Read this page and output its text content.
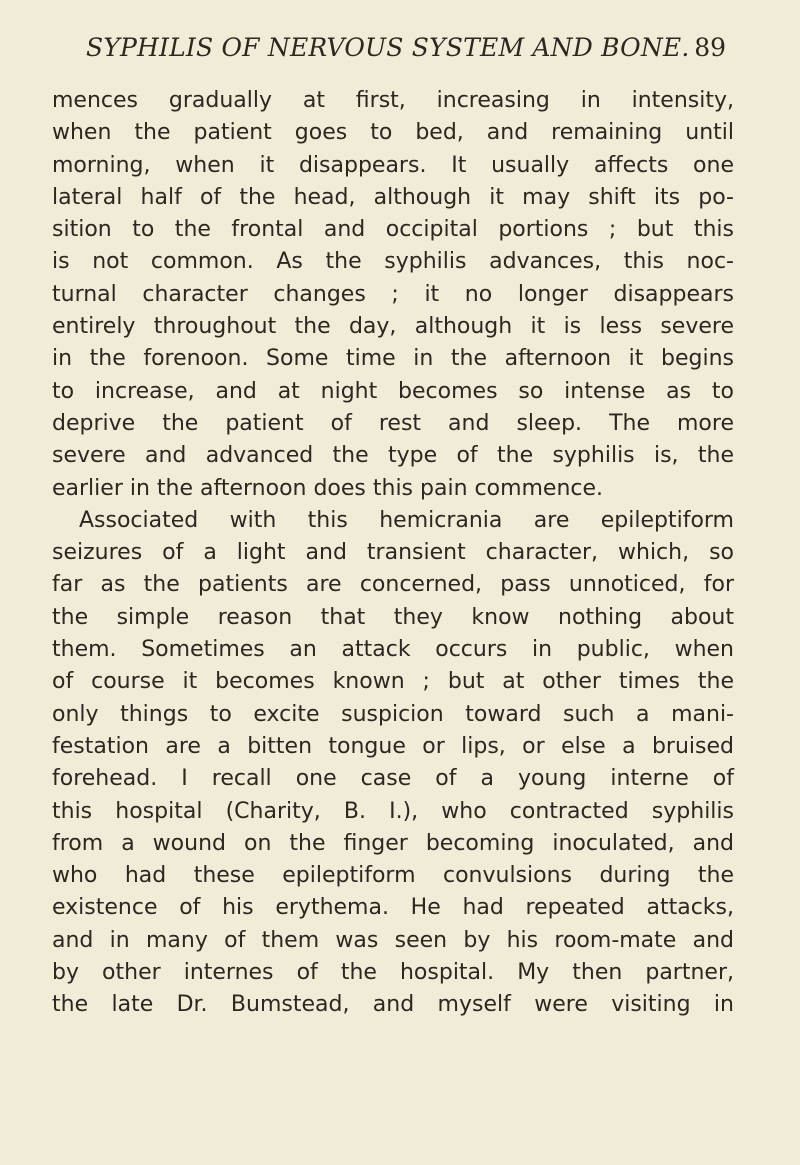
SYPHILIS OF NERVOUS SYSTEM AND BONE. 89
mences gradually at first, increasing in intensity,
when the patient goes to bed, and remaining until
morning, when it disappears. It usually affects one
lateral half of the head, although it may shift its po-
sition to the frontal and occipital portions ; but this
is not common. As the syphilis advances, this noc-
turnal character changes ; it no longer disappears
entirely throughout the day, although it is less severe
in the forenoon. Some time in the afternoon it begins
to increase, and at night becomes so intense as to
deprive the patient of rest and sleep. The more
severe and advanced the type of the syphilis is, the
earlier in the afternoon does this pain commence.
Associated with this hemicrania are epileptiform
seizures of a light and transient character, which, so
far as the patients are concerned, pass unnoticed, for
the simple reason that they know nothing about
them. Sometimes an attack occurs in public, when
of course it becomes known ; but at other times the
only things to excite suspicion toward such a mani-
festation are a bitten tongue or lips, or else a bruised
forehead. I recall one case of a young interne of
this hospital (Charity, B. I.), who contracted syphilis
from a wound on the finger becoming inoculated, and
who had these epileptiform convulsions during the
existence of his erythema. He had repeated attacks,
and in many of them was seen by his room-mate and
by other internes of the hospital. My then partner,
the late Dr. Bumstead, and myself were visiting in
